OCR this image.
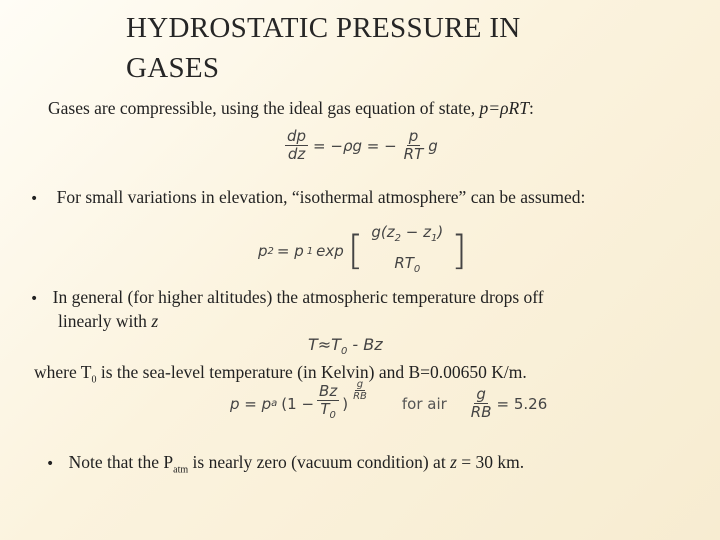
HYDROSTATIC PRESSURE IN
GASES
Gases are compressible, using the ideal gas equation of state, p=ρRT:
$\frac{dp}{dz} = -\rho g$ = − $\frac{p}{RT}$ g
• For small variations in elevation, “isothermal atmosphere” can be assumed:
p 2 = p 1 exp [ $g(z_2 - z_1)$
$RT_0$ ]
• In general (for higher altitudes) the atmospheric temperature drops off
linearly with z
$T\approx T_0 - Bz$
where $T_0$ is the sea-level temperature (in Kelvin) and B=0.00650 K/m.
p = p a ($1 - \frac{Bz}{T_0}$ )
$\frac{g}{RB}$
for air $\frac{g}{RB} = 5.26$
• Note that the $P_{atm}$ is nearly zero (vacuum condition) at z = 30 km.
